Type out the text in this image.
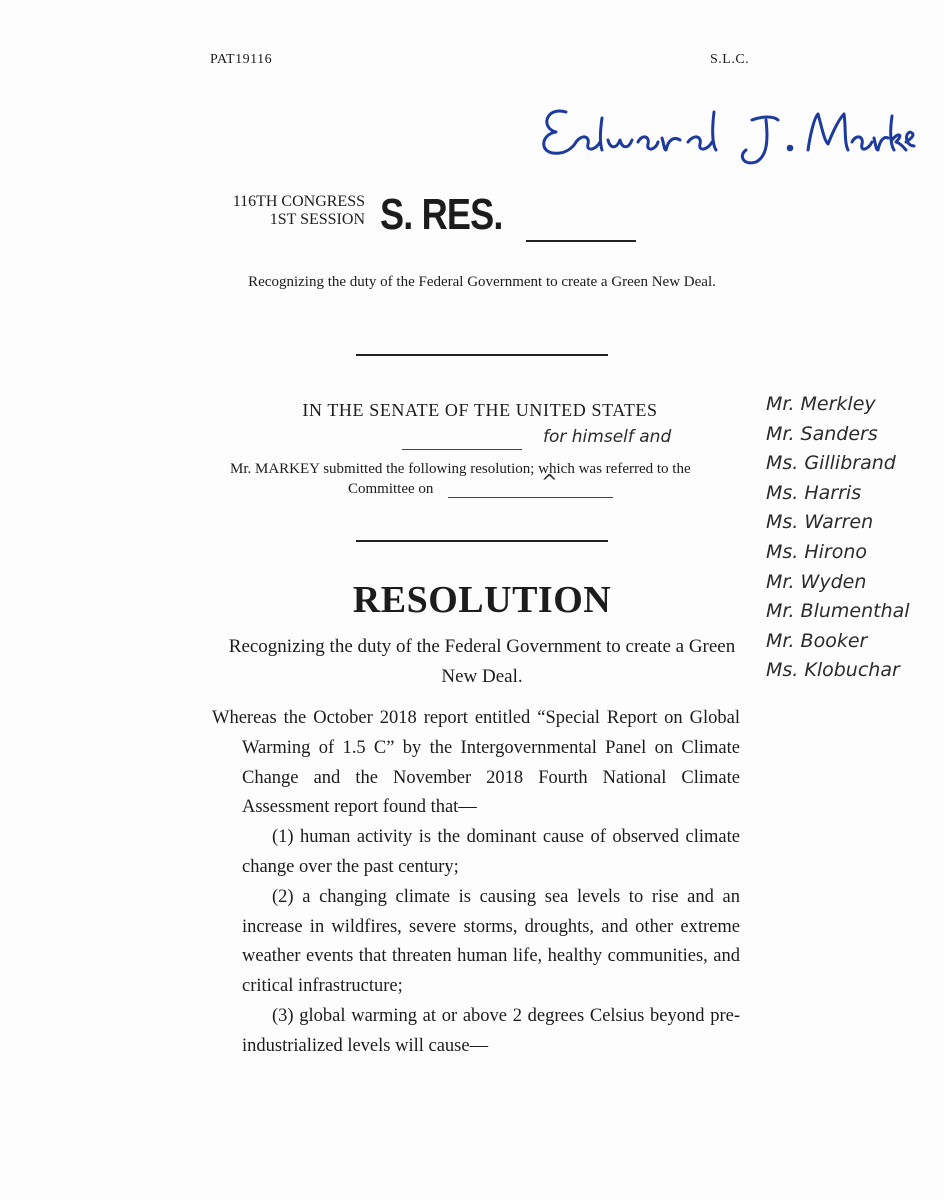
PAT19116	S.L.C.
116TH CONGRESS
1ST SESSION S. RES.
Recognizing the duty of the Federal Government to create a Green New Deal.
IN THE SENATE OF THE UNITED STATES
for himself and
^
Mr. MARKEY submitted the following resolution; which was referred to the
Committee on
Mr. Merkley
Mr. Sanders
Ms. Gillibrand
Ms. Harris
Ms. Warren
Ms. Hirono
Mr. Wyden
Mr. Blumenthal
Mr. Booker
Ms. Klobuchar
RESOLUTION
Recognizing the duty of the Federal Government to create a Green New Deal.

Whereas the October 2018 report entitled “Special Report on Global Warming of 1.5 C” by the Intergovernmental Panel on Climate Change and the November 2018 Fourth National Climate Assessment report found that—

(1) human activity is the dominant cause of observed climate change over the past century;

(2) a changing climate is causing sea levels to rise and an increase in wildfires, severe storms, droughts, and other extreme weather events that threaten human life, healthy communities, and critical infrastructure;

(3) global warming at or above 2 degrees Celsius beyond pre-industrialized levels will cause—
